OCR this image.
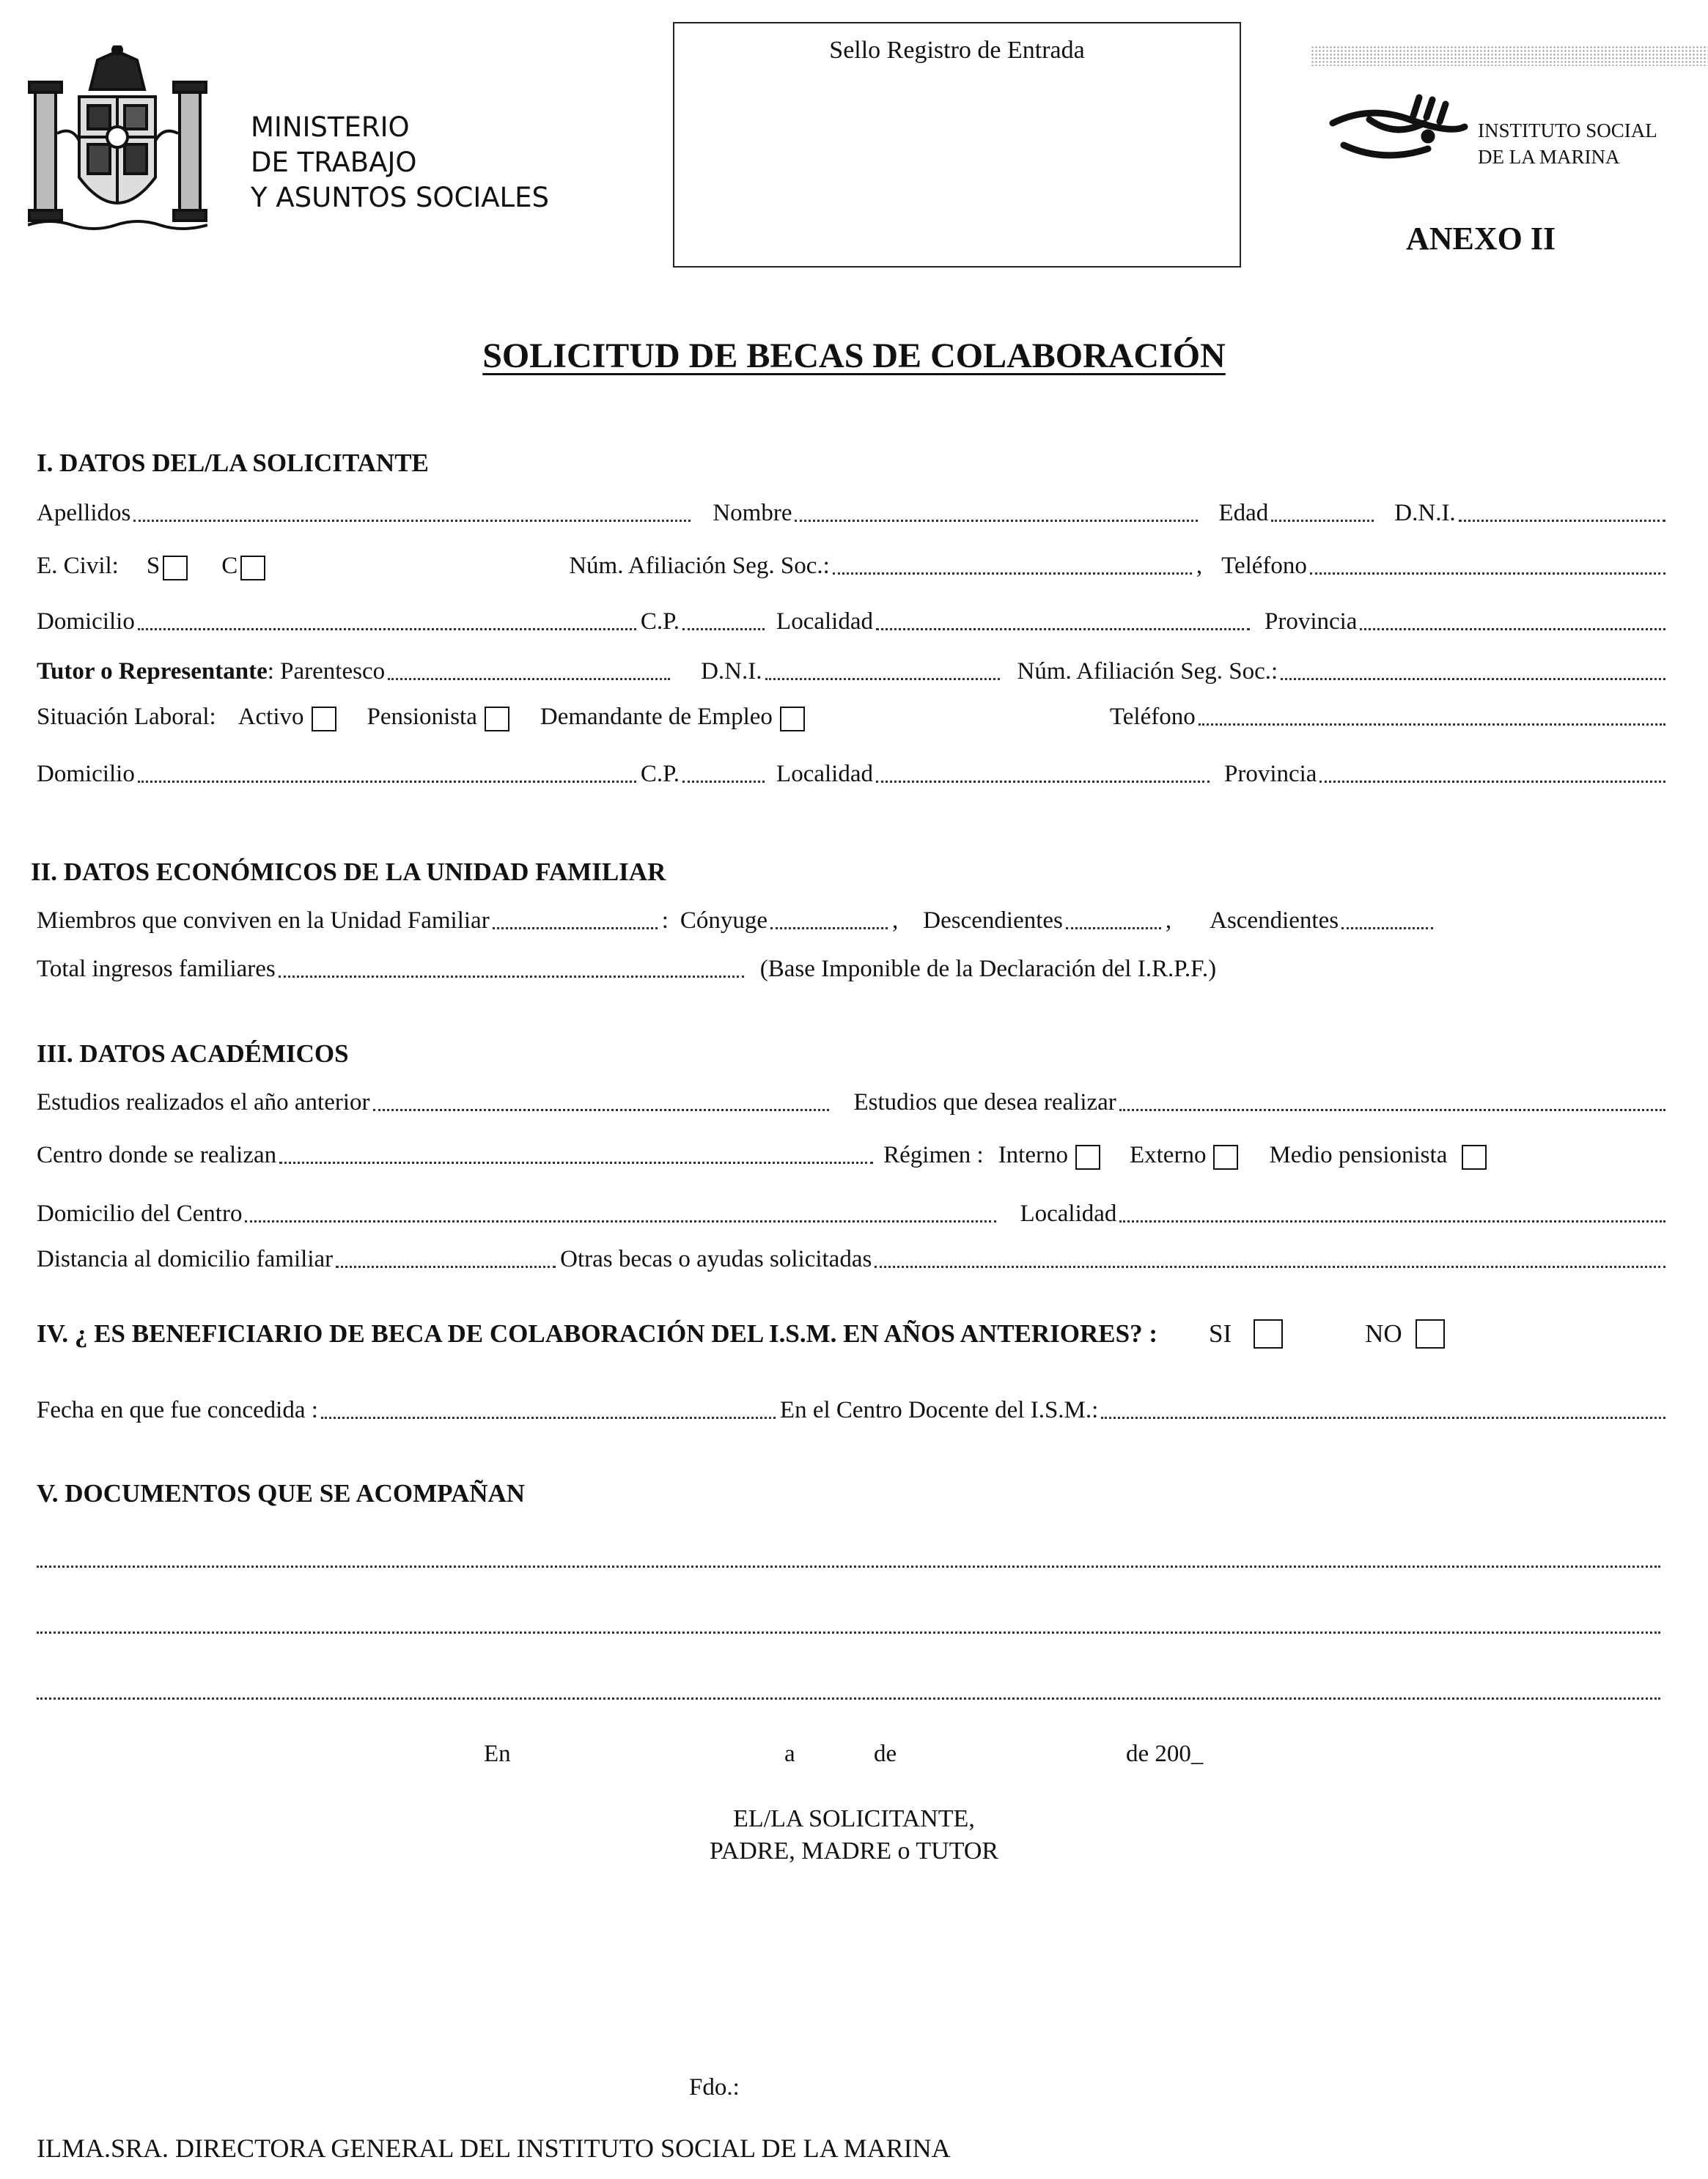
MINISTERIO
DE TRABAJO
Y ASUNTOS SOCIALES
Sello Registro de Entrada
INSTITUTO SOCIAL
DE LA MARINA
ANEXO II
SOLICITUD DE BECAS DE COLABORACIÓN
I. DATOS DEL/LA SOLICITANTE
Apellidos	Nombre	Edad	D.N.I.
E. Civil: S	C	Núm. Afiliación Seg. Soc.:	, Teléfono
Domicilio	C.P.	Localidad	Provincia
Tutor o Representante : Parentesco	D.N.I.	Núm. Afiliación Seg. Soc.:
Situación Laboral: Activo	Pensionista	Demandante de Empleo	Teléfono
Domicilio	C.P.	Localidad	Provincia
II. DATOS ECONÓMICOS DE LA UNIDAD FAMILIAR
Miembros que conviven en la Unidad Familiar	: Cónyuge	, Descendientes	, Ascendientes
Total ingresos familiares	(Base Imponible de la Declaración del I.R.P.F.)
III. DATOS ACADÉMICOS
Estudios realizados el año anterior	Estudios que desea realizar
Centro donde se realizan	Régimen : Interno	Externo	Medio pensionista
Domicilio del Centro	Localidad
Distancia al domicilio familiar	Otras becas o ayudas solicitadas
IV. ¿ ES BENEFICIARIO DE BECA DE COLABORACIÓN DEL I.S.M. EN AÑOS ANTERIORES? : SI	NO
Fecha en que fue concedida :	En el Centro Docente del I.S.M.:
V. DOCUMENTOS QUE SE ACOMPAÑAN
En	a	de	de 200_
EL/LA SOLICITANTE,
PADRE, MADRE o TUTOR
Fdo.:
ILMA.SRA. DIRECTORA GENERAL DEL INSTITUTO SOCIAL DE LA MARINA
